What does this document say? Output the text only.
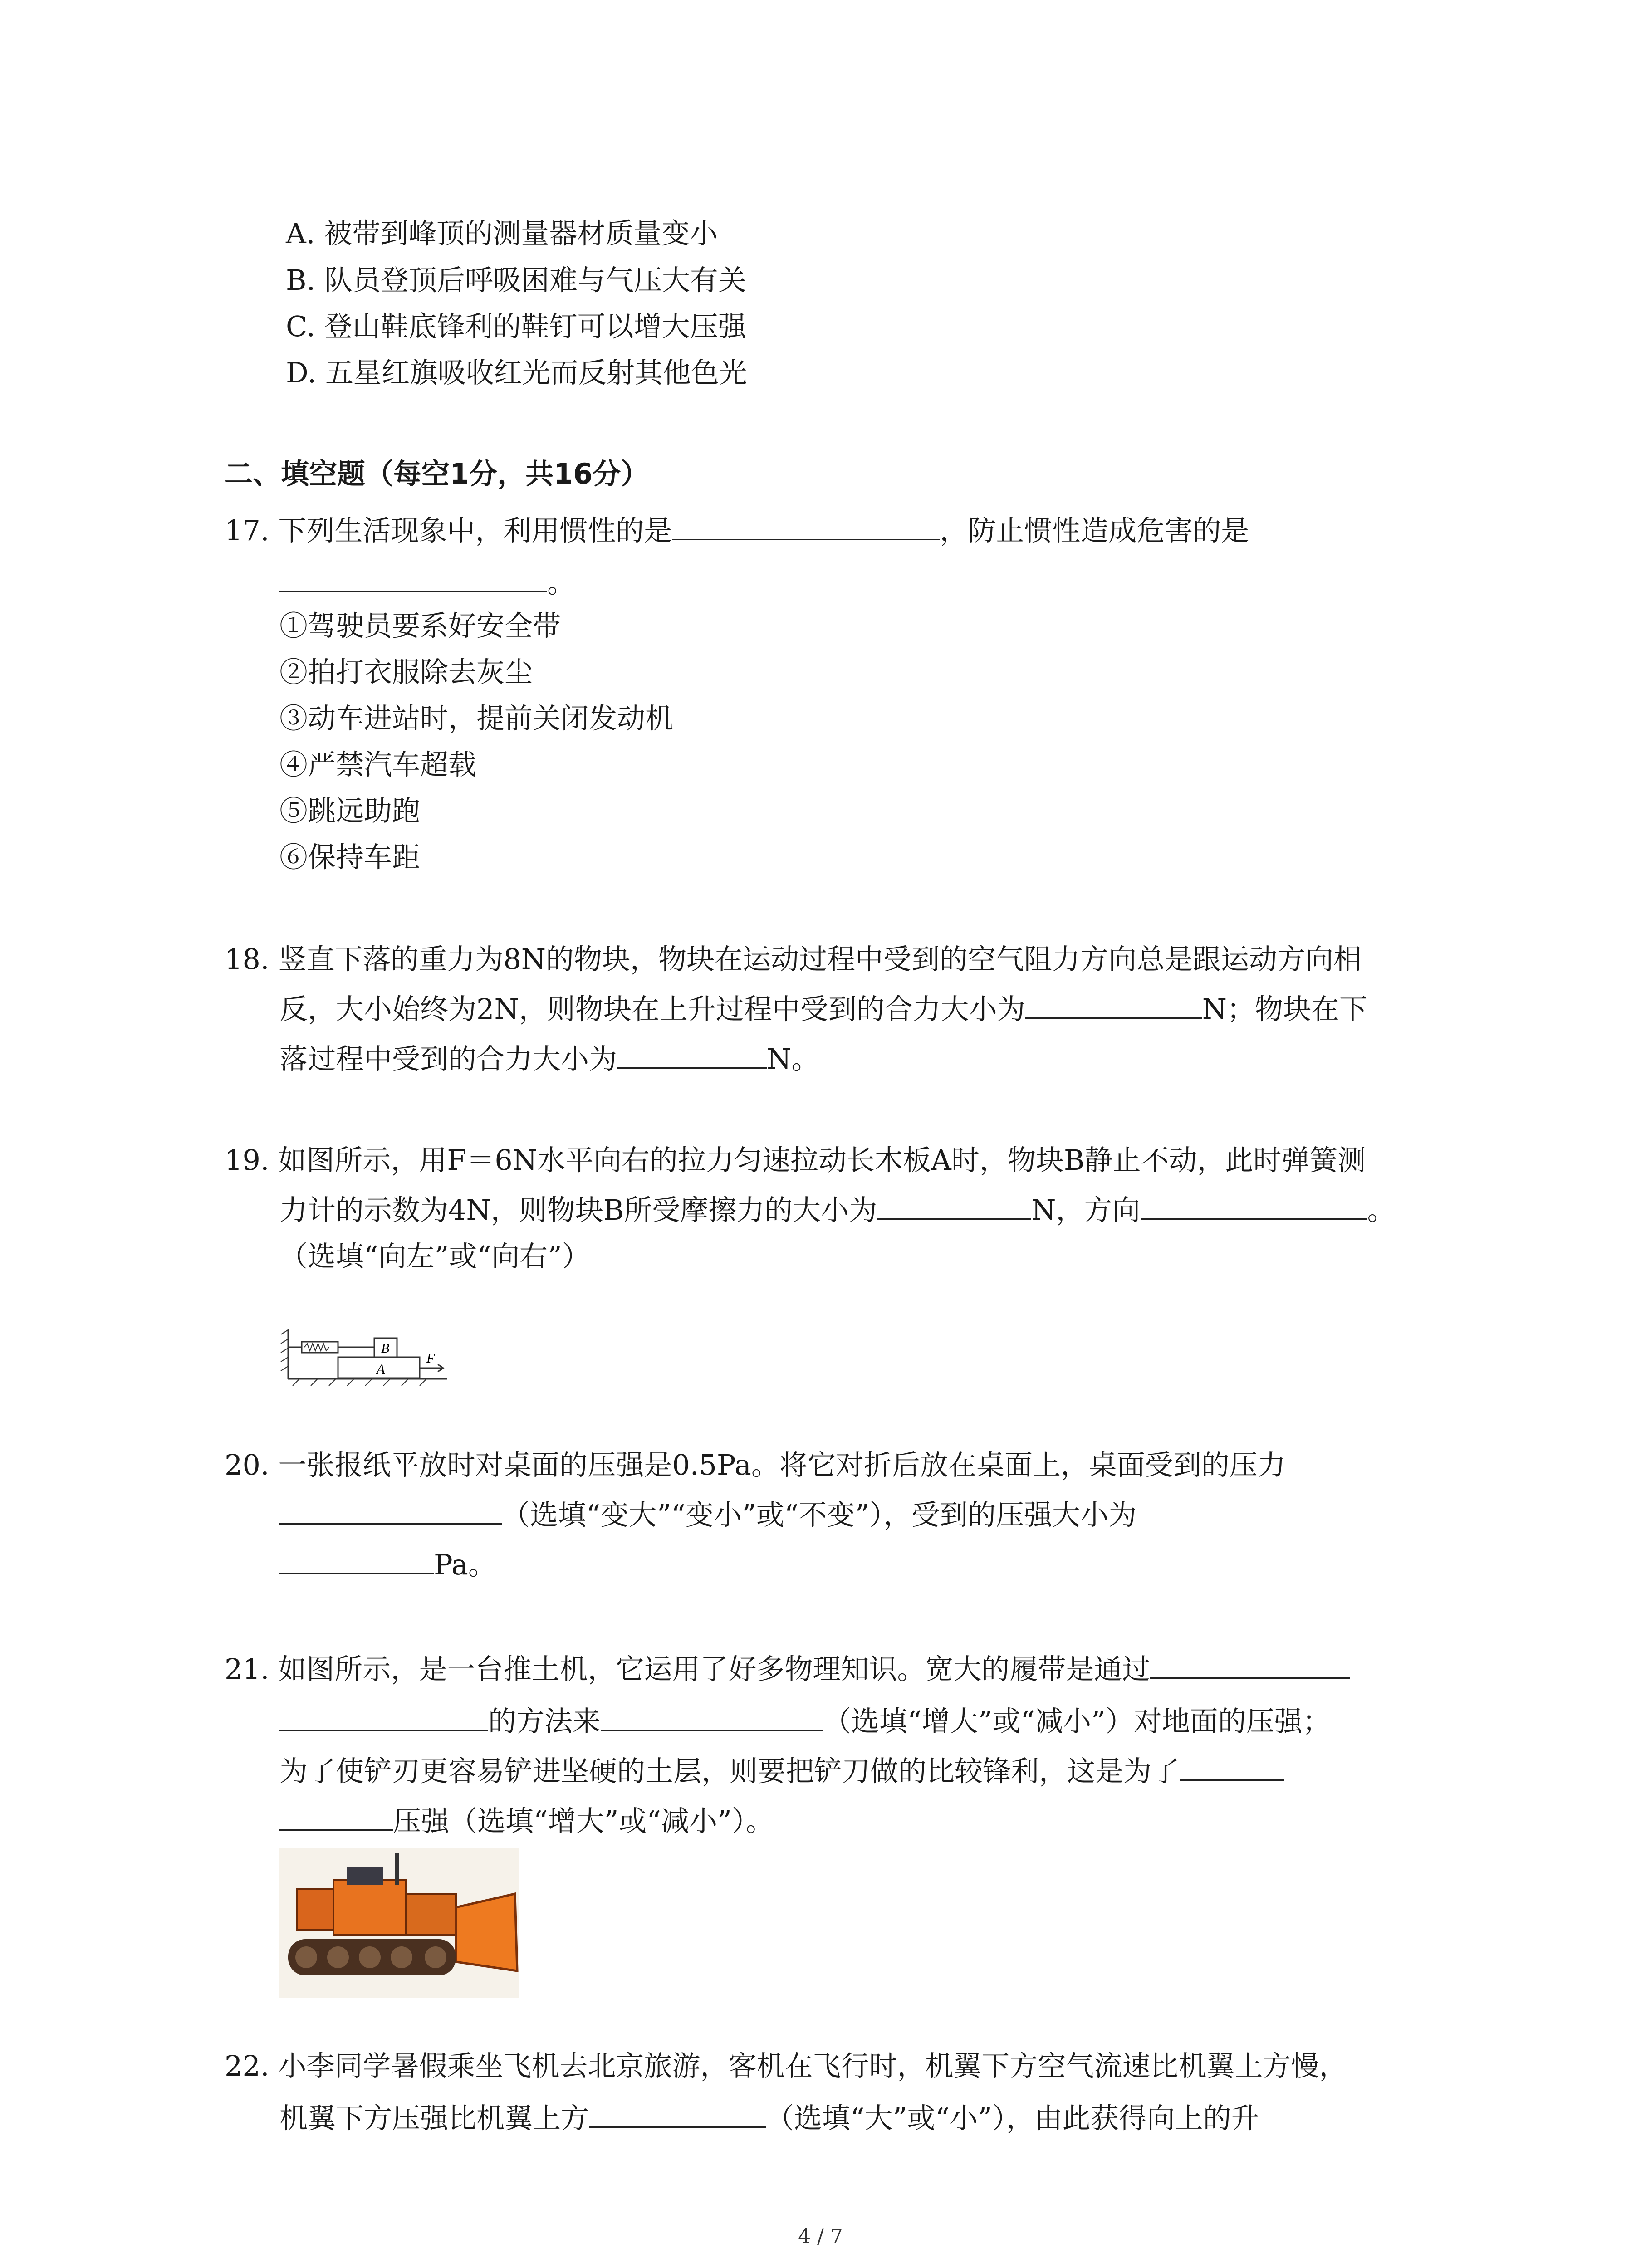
A. 被带到峰顶的测量器材质量变小
B. 队员登顶后呼吸困难与气压大有关
C. 登山鞋底锋利的鞋钉可以增大压强
D. 五星红旗吸收红光而反射其他色光
二、填空题（每空1分，共16分）
17. 下列生活现象中，利用惯性的是	，防止惯性造成危害的是
。
①驾驶员要系好安全带
②拍打衣服除去灰尘
③动车进站时，提前关闭发动机
④严禁汽车超载
⑤跳远助跑
⑥保持车距
18. 竖直下落的重力为8N的物块，物块在运动过程中受到的空气阻力方向总是跟运动方向相
反，大小始终为2N，则物块在上升过程中受到的合力大小为	N；物块在下
落过程中受到的合力大小为	N。
19. 如图所示，用F＝6N水平向右的拉力匀速拉动长木板A时，物块B静止不动，此时弹簧测
力计的示数为4N，则物块B所受摩擦力的大小为	N，方向	。
（选填“向左”或“向右”）
B
A
F
20. 一张报纸平放时对桌面的压强是0.5Pa。将它对折后放在桌面上，桌面受到的压力
（选填“变大”“变小”或“不变”），受到的压强大小为
Pa。
21. 如图所示，是一台推土机，它运用了好多物理知识。宽大的履带是通过
的方法来	（选填“增大”或“减小”）对地面的压强；
为了使铲刃更容易铲进坚硬的土层，则要把铲刀做的比较锋利，这是为了
压强（选填“增大”或“减小”）。
22. 小李同学暑假乘坐飞机去北京旅游，客机在飞行时，机翼下方空气流速比机翼上方慢，
机翼下方压强比机翼上方	（选填“大”或“小”），由此获得向上的升
4 / 7
